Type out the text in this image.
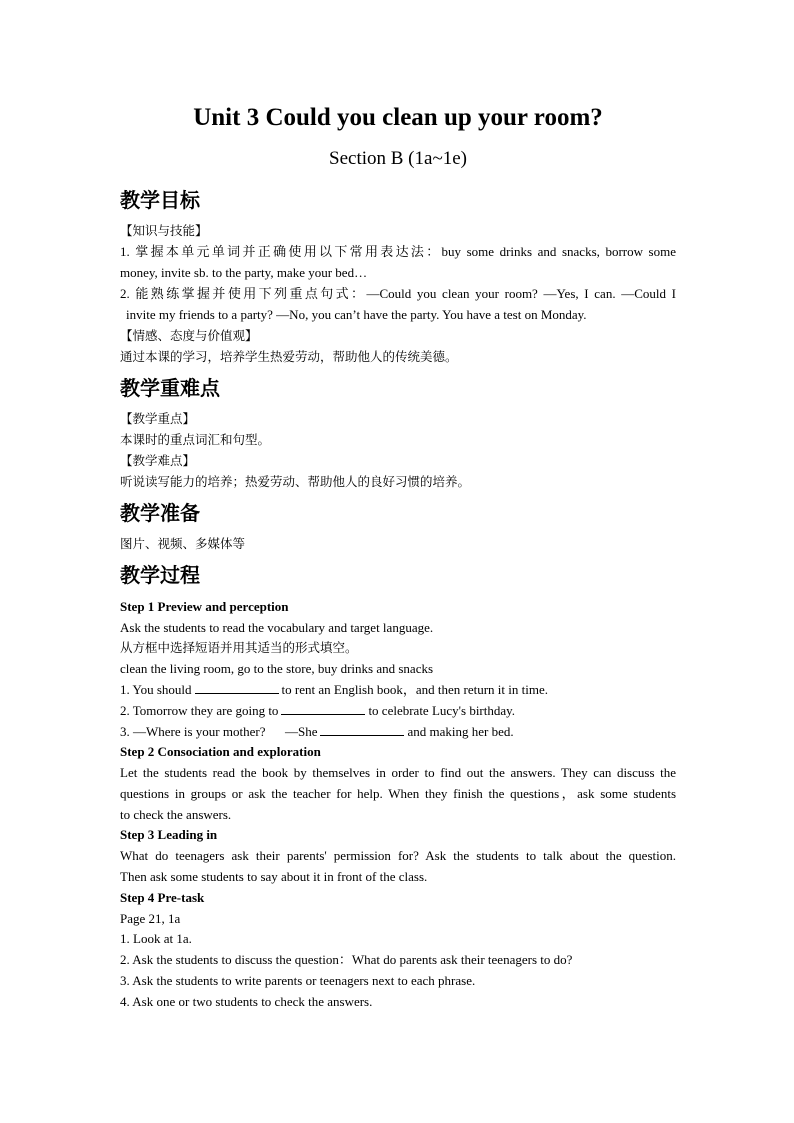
Unit 3 Could you clean up your room?
Section B (1a~1e)
教学目标
【知识与技能】
1. 掌握本单元单词并正确使用以下常用表达法：buy some drinks and snacks, borrow some
money, invite sb. to the party, make your bed…
2. 能熟练掌握并使用下列重点句式：—Could you clean your room? —Yes, I can. —Could I
invite my friends to a party? —No, you can’t have the party. You have a test on Monday.
【情感、态度与价值观】
通过本课的学习，培养学生热爱劳动，帮助他人的传统美德。
教学重难点
【教学重点】
本课时的重点词汇和句型。
【教学难点】
听说读写能力的培养；热爱劳动、帮助他人的良好习惯的培养。
教学准备
图片、视频、多媒体等
教学过程
Step 1 Preview and perception
Ask the students to read the vocabulary and target language.
从方框中选择短语并用其适当的形式填空。
clean the living room, go to the store, buy drinks and snacks
1. You should	to rent an English book，and then return it in time.
2. Tomorrow they are going to	to celebrate Lucy's birthday.
3. —Where is your mother?      —She	and making her bed.
Step 2 Consociation and exploration
Let the students read the book by themselves in order to find out the answers. They can discuss the
questions in groups or ask the teacher for help. When they finish the questions，ask some students
to check the answers.
Step 3 Leading in
What do teenagers ask their parents' permission for? Ask the students to talk about the question.
Then ask some students to say about it in front of the class.
Step 4 Pre-task
Page 21, 1a
1. Look at 1a.
2. Ask the students to discuss the question：What do parents ask their teenagers to do?
3. Ask the students to write parents or teenagers next to each phrase.
4. Ask one or two students to check the answers.
